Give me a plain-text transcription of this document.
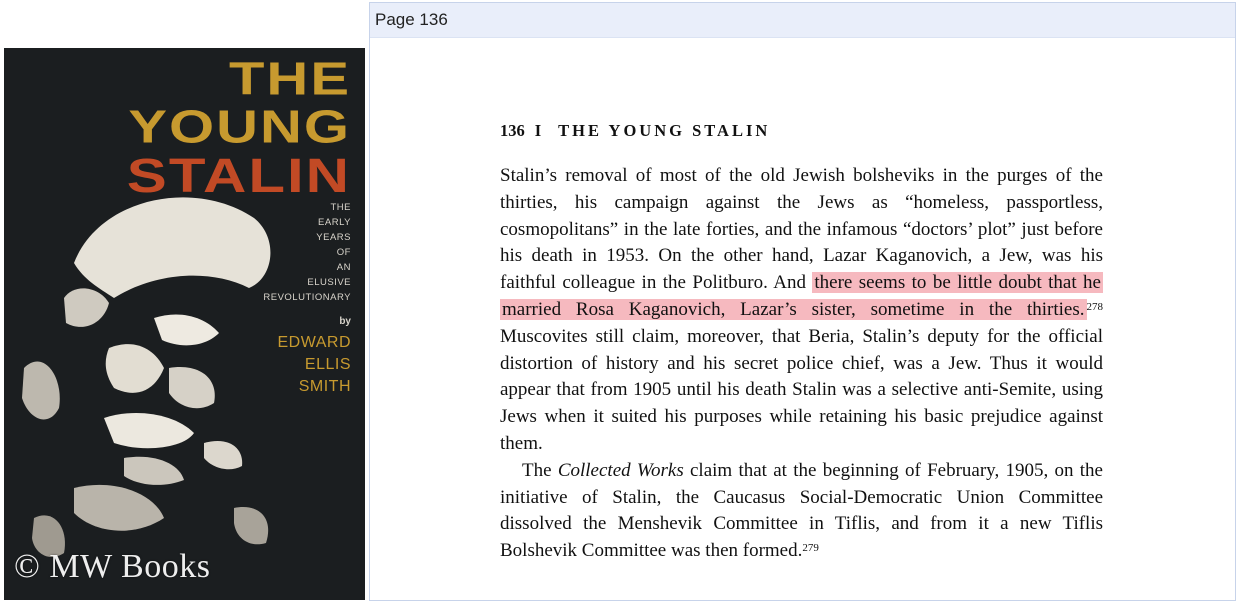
THE
YOUNG
STALIN
THE
EARLY
YEARS
OF
AN
ELUSIVE
REVOLUTIONARY
by
EDWARD
ELLIS
SMITH
© MW Books
Page 136
136 I THE YOUNG STALIN

Stalin’s removal of most of the old Jewish bolsheviks in the purges of the thirties, his campaign against the Jews as “homeless, passportless, cosmopolitans” in the late forties, and the infamous “doctors’ plot” just before his death in 1953. On the other hand, Lazar Kaganovich, a Jew, was his faithful colleague in the Politburo. And there seems to be little doubt that he married Rosa Kaganovich, Lazar’s sister, sometime in the thirties. $^{278}$ Muscovites still claim, moreover, that Beria, Stalin’s deputy for the official distortion of history and his secret police chief, was a Jew. Thus it would appear that from 1905 until his death Stalin was a selective anti-Semite, using Jews when it suited his purposes while retaining his basic prejudice against them.

The Collected Works claim that at the beginning of February, 1905, on the initiative of Stalin, the Caucasus Social-Democratic Union Committee dissolved the Menshevik Committee in Tiflis, and from it a new Tiflis Bolshevik Committee was then formed.$^{279}$
